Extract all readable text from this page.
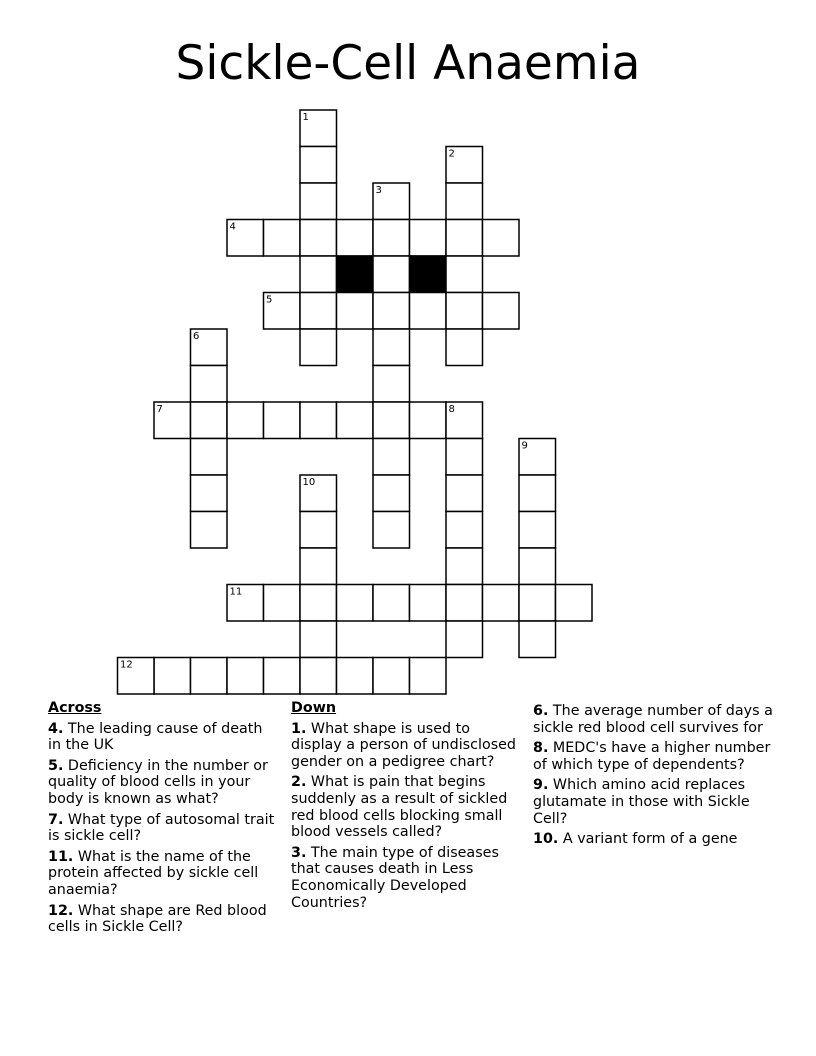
Sickle-Cell Anaemia
1
2
3
4
5
6
7	8
9
10
11
12
Across
4. The leading cause of death in the UK
5. Deficiency in the number or quality of blood cells in your body is known as what?
7. What type of autosomal trait is sickle cell?
11. What is the name of the protein affected by sickle cell anaemia?
12. What shape are Red blood cells in Sickle Cell?
Down
1. What shape is used to display a person of undisclosed gender on a pedigree chart?
2. What is pain that begins suddenly as a result of sickled red blood cells blocking small blood vessels called?
3. The main type of diseases that causes death in Less Economically Developed Countries?
6. The average number of days a sickle red blood cell survives for
8. MEDC's have a higher number of which type of dependents?
9. Which amino acid replaces glutamate in those with Sickle Cell?
10. A variant form of a gene
